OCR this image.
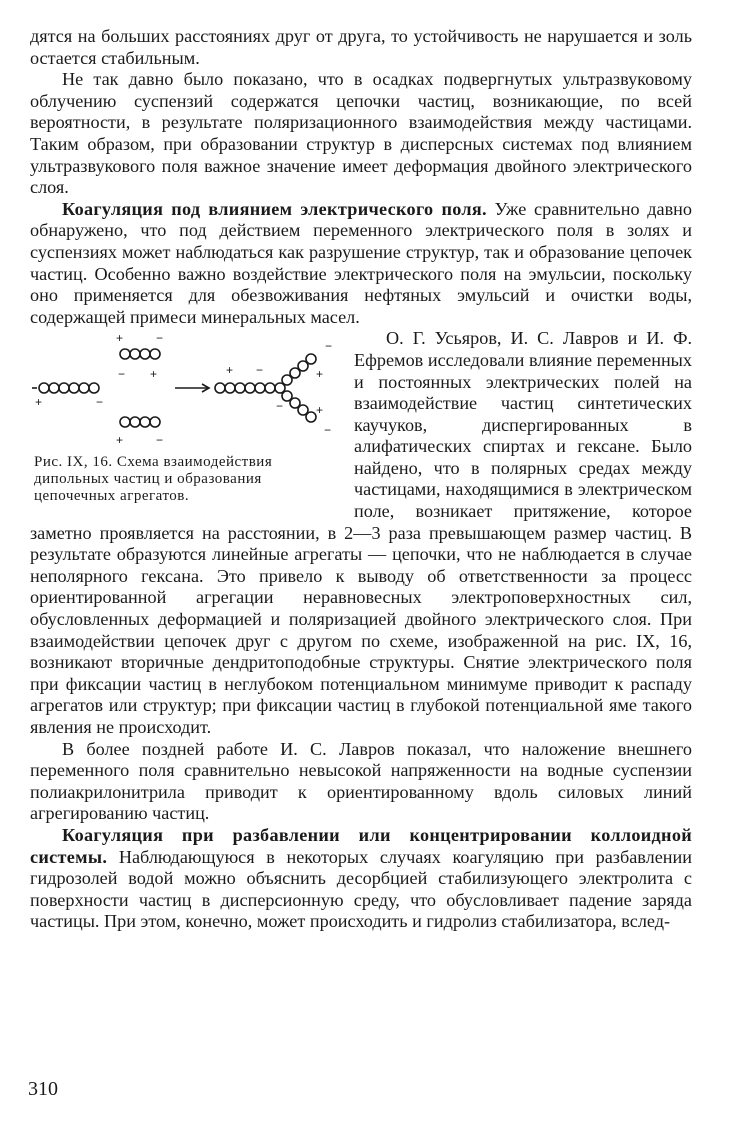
дятся на больших расстояниях друг от друга, то устойчивость не нарушается и золь остается стабильным.

Не так давно было показано, что в осадках подвергнутых ультразвуковому облучению суспензий содержатся цепочки частиц, возникающие, по всей вероятности, в результате поляризационного взаимодействия между частицами. Таким образом, при образовании структур в дисперсных системах под влиянием ультразвукового поля важное значение имеет деформация двойного электрического слоя.

Коагуляция под влиянием электрического поля. Уже сравнительно давно обнаружено, что под действием переменного электрического поля в золях и суспензиях может наблюдаться как разрушение структур, так и образование цепочек частиц. Особенно важно воздействие электрического поля на эмульсии, поскольку оно применяется для обезвоживания нефтяных эмульсий и очистки воды, содержащей примеси минеральных масел.

+	−
+	−
− +
+	−
+ −
−
+
−
−
+
Рис. IX, 16. Схема взаимодействия дипольных частиц и образования цепочечных агрегатов.

О. Г. Усьяров, И. С. Лавров и И. Ф. Ефремов исследовали влияние переменных и постоянных электрических полей на взаимодействие частиц синтетических каучуков, диспергированных в алифатических спиртах и гексане. Было найдено, что в полярных средах между частицами, находящимися в электрическом поле, возникает притяжение, которое заметно проявляется на расстоянии, в 2—3 раза превышающем размер частиц. В результате образуются линейные агрегаты — цепочки, что не наблюдается в случае неполярного гексана. Это привело к выводу об ответственности за процесс ориентированной агрегации неравновесных электроповерхностных сил, обусловленных деформацией и поляризацией двойного электрического слоя. При взаимодействии цепочек друг с другом по схеме, изображенной на рис. IX, 16, возникают вторичные дендритоподобные структуры. Снятие электрического поля при фиксации частиц в неглубоком потенциальном минимуме приводит к распаду агрегатов или структур; при фиксации частиц в глубокой потенциальной яме такого явления не происходит.

В более поздней работе И. С. Лавров показал, что наложение внешнего переменного поля сравнительно невысокой напряженности на водные суспензии полиакрилонитрила приводит к ориентированному вдоль силовых линий агрегированию частиц.

Коагуляция при разбавлении или концентрировании коллоидной системы. Наблюдающуюся в некоторых случаях коагуляцию при разбавлении гидрозолей водой можно объяснить десорбцией стабилизующего электролита с поверхности частиц в дисперсионную среду, что обусловливает падение заряда частицы. При этом, конечно, может происходить и гидролиз стабилизатора, вслед-

310
